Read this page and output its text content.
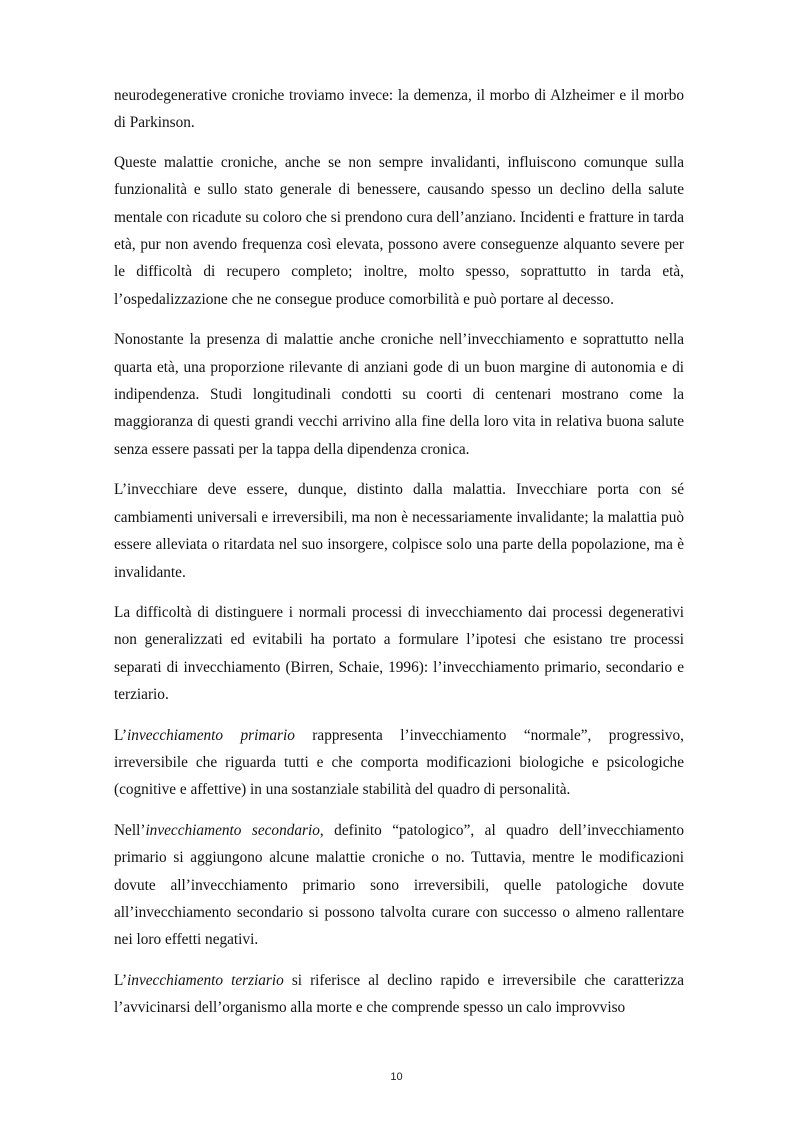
neurodegenerative croniche troviamo invece: la demenza, il morbo di Alzheimer e il morbo di Parkinson.

Queste malattie croniche, anche se non sempre invalidanti, influiscono comunque sulla funzionalità e sullo stato generale di benessere, causando spesso un declino della salute mentale con ricadute su coloro che si prendono cura dell’anziano. Incidenti e fratture in tarda età, pur non avendo frequenza così elevata, possono avere conseguenze alquanto severe per le difficoltà di recupero completo; inoltre, molto spesso, soprattutto in tarda età, l’ospedalizzazione che ne consegue produce comorbilità e può portare al decesso.

Nonostante la presenza di malattie anche croniche nell’invecchiamento e soprattutto nella quarta età, una proporzione rilevante di anziani gode di un buon margine di autonomia e di indipendenza. Studi longitudinali condotti su coorti di centenari mostrano come la maggioranza di questi grandi vecchi arrivino alla fine della loro vita in relativa buona salute senza essere passati per la tappa della dipendenza cronica.

L’invecchiare deve essere, dunque, distinto dalla malattia. Invecchiare porta con sé cambiamenti universali e irreversibili, ma non è necessariamente invalidante; la malattia può essere alleviata o ritardata nel suo insorgere, colpisce solo una parte della popolazione, ma è invalidante.

La difficoltà di distinguere i normali processi di invecchiamento dai processi degenerativi non generalizzati ed evitabili ha portato a formulare l’ipotesi che esistano tre processi separati di invecchiamento (Birren, Schaie, 1996): l’invecchiamento primario, secondario e terziario.

L’invecchiamento primario rappresenta l’invecchiamento “normale”, progressivo, irreversibile che riguarda tutti e che comporta modificazioni biologiche e psicologiche (cognitive e affettive) in una sostanziale stabilità del quadro di personalità.

Nell’invecchiamento secondario, definito “patologico”, al quadro dell’invecchiamento primario si aggiungono alcune malattie croniche o no. Tuttavia, mentre le modificazioni dovute all’invecchiamento primario sono irreversibili, quelle patologiche dovute all’invecchiamento secondario si possono talvolta curare con successo o almeno rallentare nei loro effetti negativi.

L’invecchiamento terziario si riferisce al declino rapido e irreversibile che caratterizza l’avvicinarsi dell’organismo alla morte e che comprende spesso un calo improvviso

10
